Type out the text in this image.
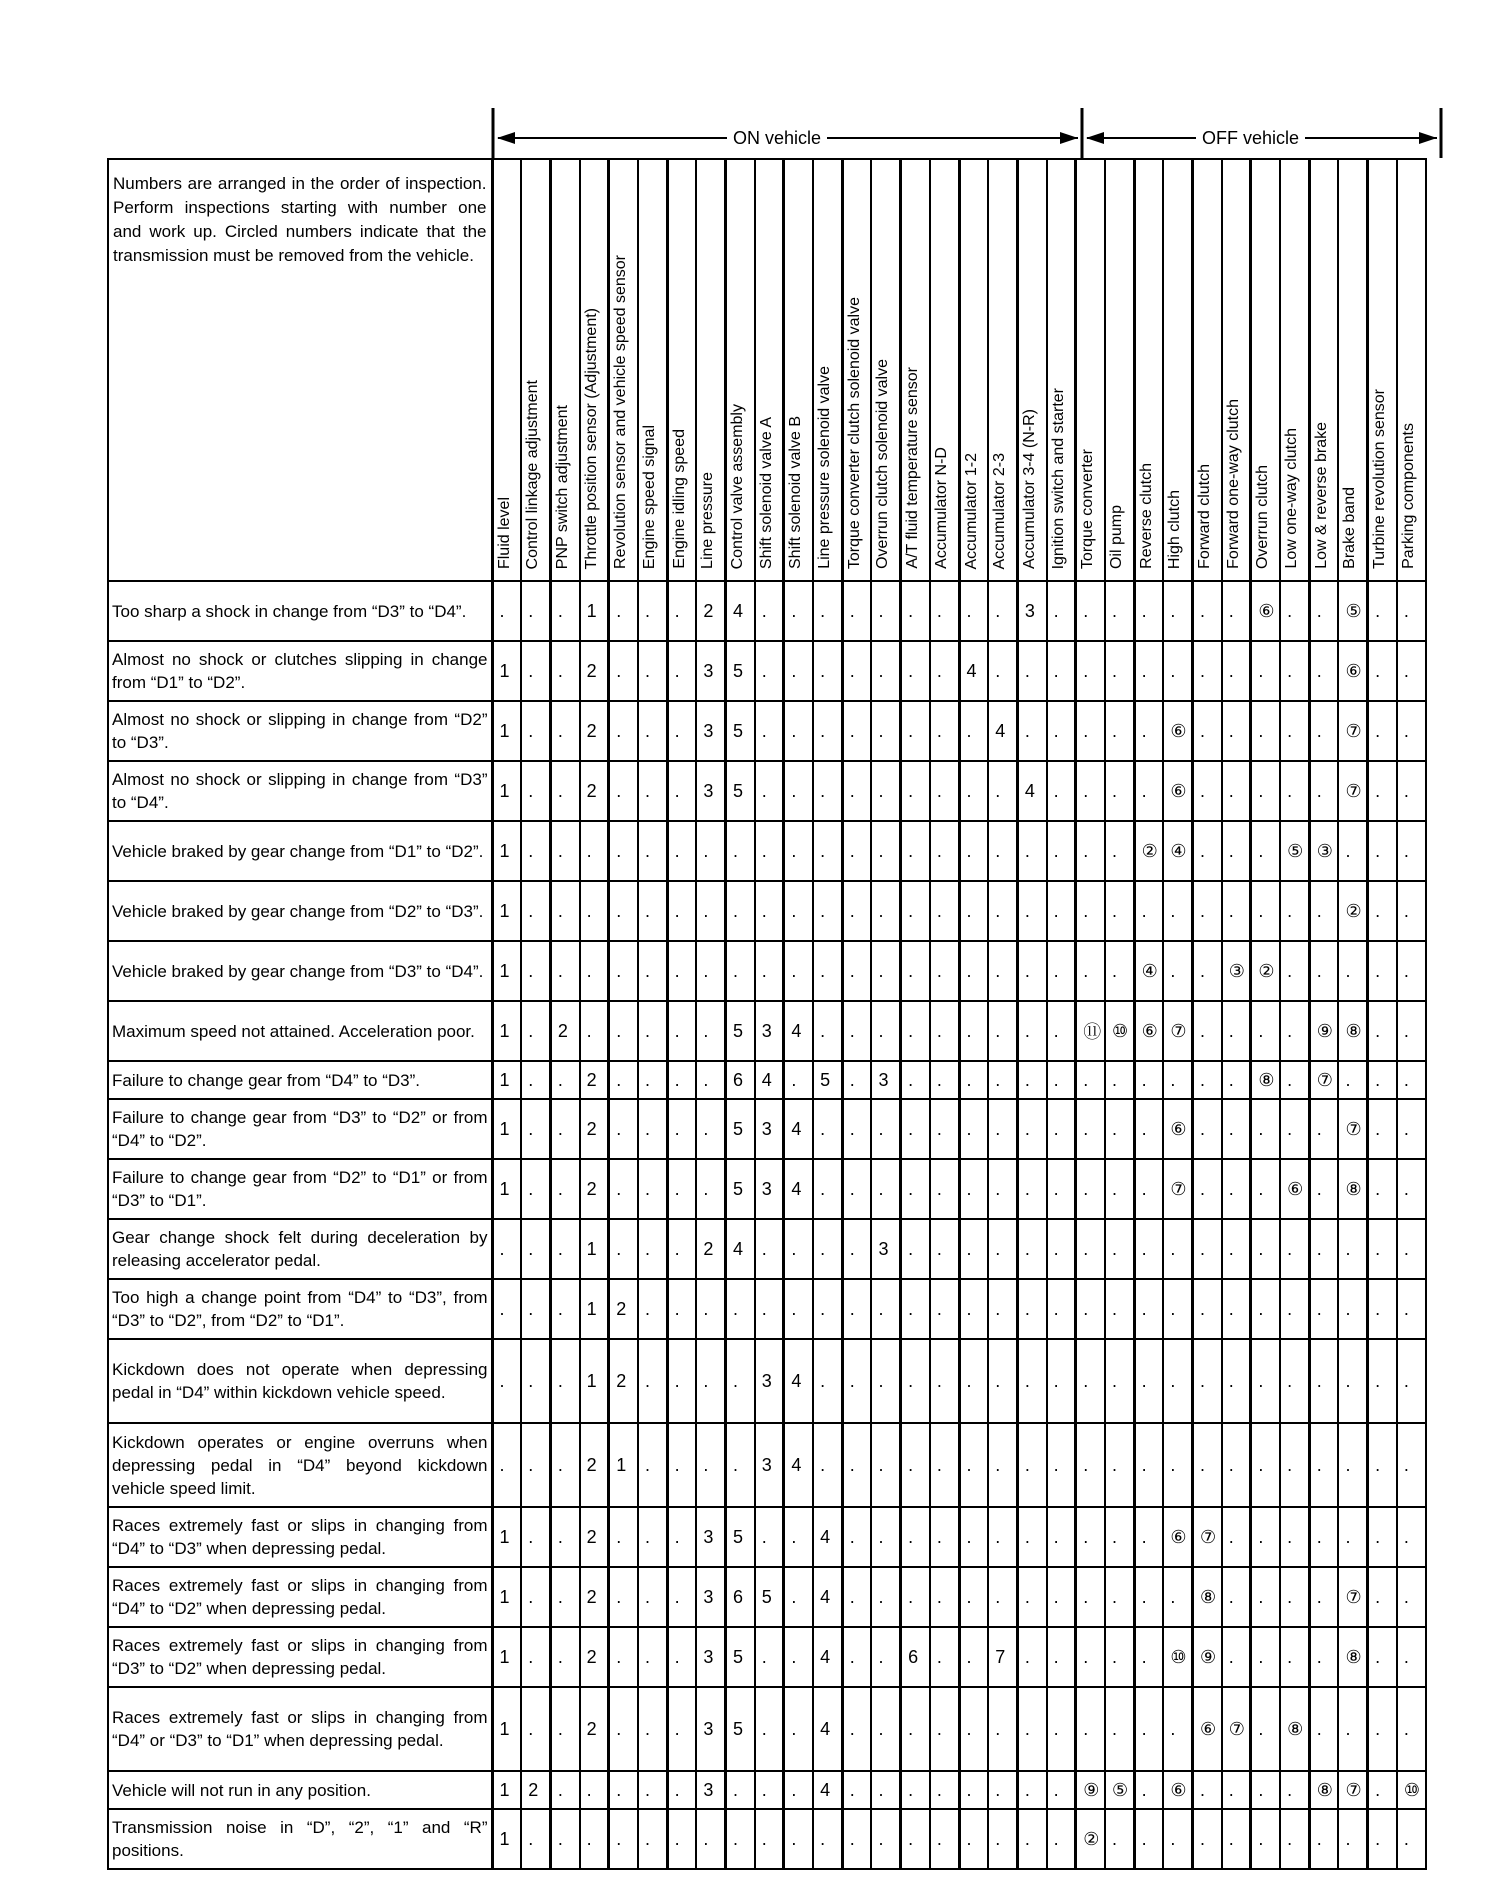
ON vehicle	OFF vehicle
Numbers are arranged in the order of inspection. Perform inspections starting with number one and work up. Circled numbers indicate that the transmission must be removed from the vehicle.	Fluid level	Control linkage adjustment	PNP switch adjustment	Throttle position sensor (Adjustment)	Revolution sensor and vehicle speed sensor	Engine speed signal	Engine idling speed	Line pressure	Control valve assembly	Shift solenoid valve A	Shift solenoid valve B	Line pressure solenoid valve	Torque converter clutch solenoid valve	Overrun clutch solenoid valve	A/T fluid temperature sensor	Accumulator N-D	Accumulator 1-2	Accumulator 2-3	Accumulator 3-4 (N-R)	Ignition switch and starter	Torque converter	Oil pump	Reverse clutch	High clutch	Forward clutch	Forward one-way clutch	Overrun clutch	Low one-way clutch	Low & reverse brake	Brake band	Turbine revolution sensor	Parking components
Too sharp a shock in change from “D3” to “D4”.	.	.	.	1	.	.	.	2	4	.	.	.	.	.	.	.	.	.	3	.	.	.	.	.	.	.	⑥	.	.	⑤	.	.
Almost no shock or clutches slipping in change from “D1” to “D2”.	1	.	.	2	.	.	.	3	5	.	.	.	.	.	.	.	4	.	.	.	.	.	.	.	.	.	.	.	.	⑥	.	.
Almost no shock or slipping in change from “D2” to “D3”.	1	.	.	2	.	.	.	3	5	.	.	.	.	.	.	.	.	4	.	.	.	.	.	⑥	.	.	.	.	.	⑦	.	.
Almost no shock or slipping in change from “D3” to “D4”.	1	.	.	2	.	.	.	3	5	.	.	.	.	.	.	.	.	.	4	.	.	.	.	⑥	.	.	.	.	.	⑦	.	.
Vehicle braked by gear change from “D1” to “D2”.	1	.	.	.	.	.	.	.	.	.	.	.	.	.	.	.	.	.	.	.	.	.	②	④	.	.	.	⑤	③	.	.	.
Vehicle braked by gear change from “D2” to “D3”.	1	.	.	.	.	.	.	.	.	.	.	.	.	.	.	.	.	.	.	.	.	.	.	.	.	.	.	.	.	②	.	.
Vehicle braked by gear change from “D3” to “D4”.	1	.	.	.	.	.	.	.	.	.	.	.	.	.	.	.	.	.	.	.	.	.	④	.	.	③	②	.	.	.	.	.
Maximum speed not attained. Acceleration poor.	1	.	2	.	.	.	.	.	5	3	4	.	.	.	.	.	.	.	.	.	⑪	⑩	⑥	⑦	.	.	.	.	⑨	⑧	.	.
Failure to change gear from “D4” to “D3”.	1	.	.	2	.	.	.	.	6	4	.	5	.	3	.	.	.	.	.	.	.	.	.	.	.	.	⑧	.	⑦	.	.	.
Failure to change gear from “D3” to “D2” or from “D4” to “D2”.	1	.	.	2	.	.	.	.	5	3	4	.	.	.	.	.	.	.	.	.	.	.	.	⑥	.	.	.	.	.	⑦	.	.
Failure to change gear from “D2” to “D1” or from “D3” to “D1”.	1	.	.	2	.	.	.	.	5	3	4	.	.	.	.	.	.	.	.	.	.	.	.	⑦	.	.	.	⑥	.	⑧	.	.
Gear change shock felt during deceleration by releasing accelerator pedal.	.	.	.	1	.	.	.	2	4	.	.	.	.	3	.	.	.	.	.	.	.	.	.	.	.	.	.	.	.	.	.	.
Too high a change point from “D4” to “D3”, from “D3” to “D2”, from “D2” to “D1”.	.	.	.	1	2	.	.	.	.	.	.	.	.	.	.	.	.	.	.	.	.	.	.	.	.	.	.	.	.	.	.	.
Kickdown does not operate when depressing pedal in “D4” within kickdown vehicle speed.	.	.	.	1	2	.	.	.	.	3	4	.	.	.	.	.	.	.	.	.	.	.	.	.	.	.	.	.	.	.	.	.
Kickdown operates or engine overruns when depressing pedal in “D4” beyond kickdown vehicle speed limit.	.	.	.	2	1	.	.	.	.	3	4	.	.	.	.	.	.	.	.	.	.	.	.	.	.	.	.	.	.	.	.	.
Races extremely fast or slips in changing from “D4” to “D3” when depressing pedal.	1	.	.	2	.	.	.	3	5	.	.	4	.	.	.	.	.	.	.	.	.	.	.	⑥	⑦	.	.	.	.	.	.	.
Races extremely fast or slips in changing from “D4” to “D2” when depressing pedal.	1	.	.	2	.	.	.	3	6	5	.	4	.	.	.	.	.	.	.	.	.	.	.	.	⑧	.	.	.	.	⑦	.	.
Races extremely fast or slips in changing from “D3” to “D2” when depressing pedal.	1	.	.	2	.	.	.	3	5	.	.	4	.	.	6	.	.	7	.	.	.	.	.	⑩	⑨	.	.	.	.	⑧	.	.
Races extremely fast or slips in changing from “D4” or “D3” to “D1” when depressing pedal.	1	.	.	2	.	.	.	3	5	.	.	4	.	.	.	.	.	.	.	.	.	.	.	.	⑥	⑦	.	⑧	.	.	.	.
Vehicle will not run in any position.	1	2	.	.	.	.	.	3	.	.	.	4	.	.	.	.	.	.	.	.	⑨	⑤	.	⑥	.	.	.	.	⑧	⑦	.	⑩
Transmission noise in “D”, “2”, “1” and “R” positions.	1	.	.	.	.	.	.	.	.	.	.	.	.	.	.	.	.	.	.	.	②	.	.	.	.	.	.	.	.	.	.	.
